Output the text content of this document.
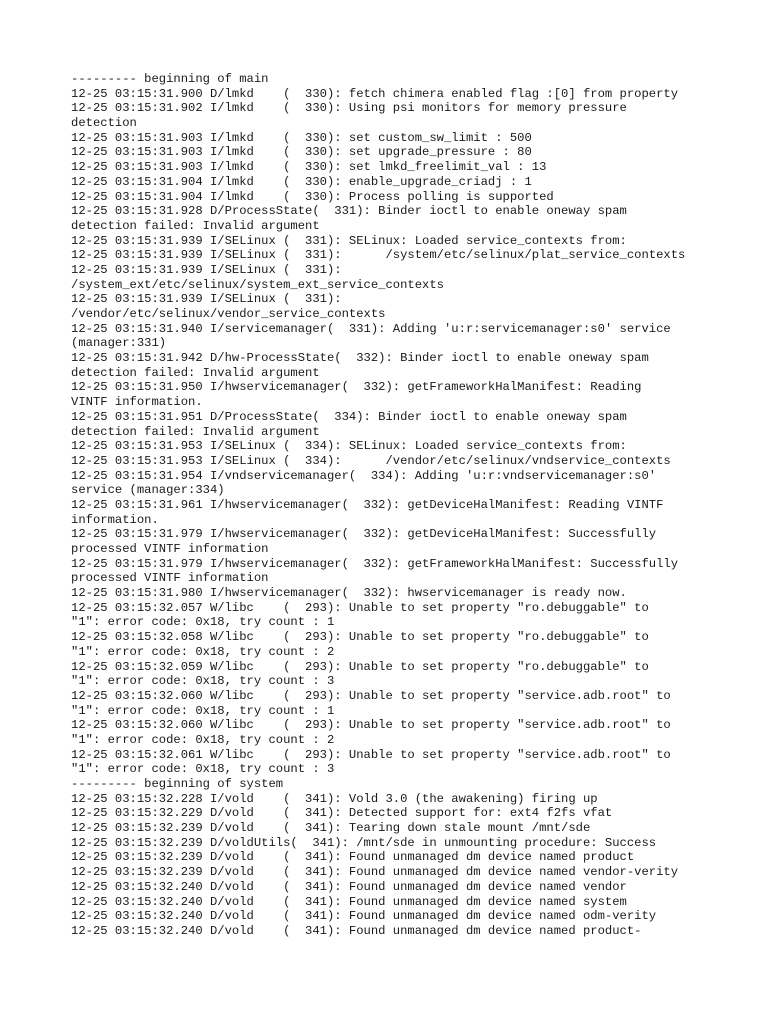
--------- beginning of main
12-25 03:15:31.900 D/lmkd    (  330): fetch chimera enabled flag :[0] from property
12-25 03:15:31.902 I/lmkd    (  330): Using psi monitors for memory pressure
detection
12-25 03:15:31.903 I/lmkd    (  330): set custom_sw_limit : 500
12-25 03:15:31.903 I/lmkd    (  330): set upgrade_pressure : 80
12-25 03:15:31.903 I/lmkd    (  330): set lmkd_freelimit_val : 13
12-25 03:15:31.904 I/lmkd    (  330): enable_upgrade_criadj : 1
12-25 03:15:31.904 I/lmkd    (  330): Process polling is supported
12-25 03:15:31.928 D/ProcessState(  331): Binder ioctl to enable oneway spam
detection failed: Invalid argument
12-25 03:15:31.939 I/SELinux (  331): SELinux: Loaded service_contexts from:
12-25 03:15:31.939 I/SELinux (  331):      /system/etc/selinux/plat_service_contexts
12-25 03:15:31.939 I/SELinux (  331):
/system_ext/etc/selinux/system_ext_service_contexts
12-25 03:15:31.939 I/SELinux (  331):
/vendor/etc/selinux/vendor_service_contexts
12-25 03:15:31.940 I/servicemanager(  331): Adding 'u:r:servicemanager:s0' service
(manager:331)
12-25 03:15:31.942 D/hw-ProcessState(  332): Binder ioctl to enable oneway spam
detection failed: Invalid argument
12-25 03:15:31.950 I/hwservicemanager(  332): getFrameworkHalManifest: Reading
VINTF information.
12-25 03:15:31.951 D/ProcessState(  334): Binder ioctl to enable oneway spam
detection failed: Invalid argument
12-25 03:15:31.953 I/SELinux (  334): SELinux: Loaded service_contexts from:
12-25 03:15:31.953 I/SELinux (  334):      /vendor/etc/selinux/vndservice_contexts
12-25 03:15:31.954 I/vndservicemanager(  334): Adding 'u:r:vndservicemanager:s0'
service (manager:334)
12-25 03:15:31.961 I/hwservicemanager(  332): getDeviceHalManifest: Reading VINTF
information.
12-25 03:15:31.979 I/hwservicemanager(  332): getDeviceHalManifest: Successfully
processed VINTF information
12-25 03:15:31.979 I/hwservicemanager(  332): getFrameworkHalManifest: Successfully
processed VINTF information
12-25 03:15:31.980 I/hwservicemanager(  332): hwservicemanager is ready now.
12-25 03:15:32.057 W/libc    (  293): Unable to set property "ro.debuggable" to
"1": error code: 0x18, try count : 1
12-25 03:15:32.058 W/libc    (  293): Unable to set property "ro.debuggable" to
"1": error code: 0x18, try count : 2
12-25 03:15:32.059 W/libc    (  293): Unable to set property "ro.debuggable" to
"1": error code: 0x18, try count : 3
12-25 03:15:32.060 W/libc    (  293): Unable to set property "service.adb.root" to
"1": error code: 0x18, try count : 1
12-25 03:15:32.060 W/libc    (  293): Unable to set property "service.adb.root" to
"1": error code: 0x18, try count : 2
12-25 03:15:32.061 W/libc    (  293): Unable to set property "service.adb.root" to
"1": error code: 0x18, try count : 3
--------- beginning of system
12-25 03:15:32.228 I/vold    (  341): Vold 3.0 (the awakening) firing up
12-25 03:15:32.229 D/vold    (  341): Detected support for: ext4 f2fs vfat
12-25 03:15:32.239 D/vold    (  341): Tearing down stale mount /mnt/sde
12-25 03:15:32.239 D/voldUtils(  341): /mnt/sde in unmounting procedure: Success
12-25 03:15:32.239 D/vold    (  341): Found unmanaged dm device named product
12-25 03:15:32.239 D/vold    (  341): Found unmanaged dm device named vendor-verity
12-25 03:15:32.240 D/vold    (  341): Found unmanaged dm device named vendor
12-25 03:15:32.240 D/vold    (  341): Found unmanaged dm device named system
12-25 03:15:32.240 D/vold    (  341): Found unmanaged dm device named odm-verity
12-25 03:15:32.240 D/vold    (  341): Found unmanaged dm device named product-
